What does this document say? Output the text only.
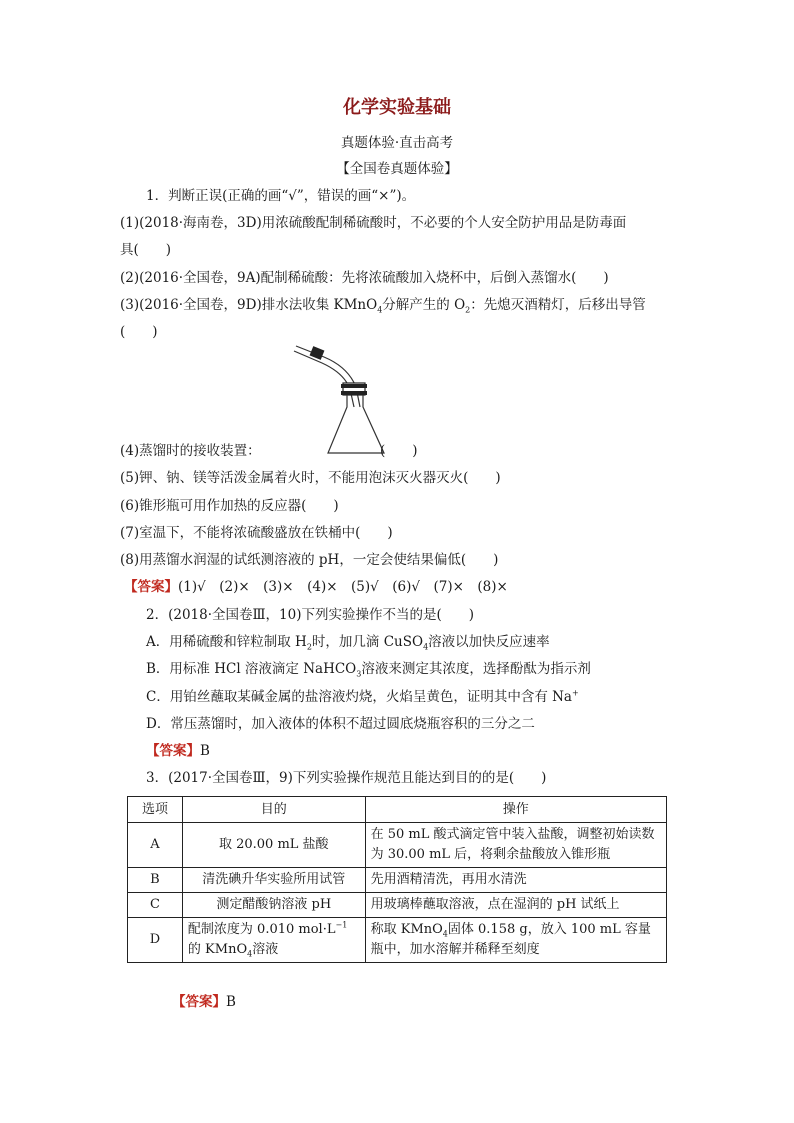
化学实验基础
真题体验·直击高考
【全国卷真题体验】
1．判断正误(正确的画“√”，错误的画“×”)。
(1)(2018·海南卷，3D)用浓硫酸配制稀硫酸时，不必要的个人安全防护用品是防毒面
具(　　)
(2)(2016·全国卷，9A)配制稀硫酸：先将浓硫酸加入烧杯中，后倒入蒸馏水(　　)
(3)(2016·全国卷，9D)排水法收集 KMnO$_4$分解产生的 $O_2$：先熄灭酒精灯，后移出导管
(　　)
(4)蒸馏时的接收装置：	(　　)
(5)钾、钠、镁等活泼金属着火时，不能用泡沫灭火器灭火(　　)
(6)锥形瓶可用作加热的反应器(　　)
(7)室温下，不能将浓硫酸盛放在铁桶中(　　)
(8)用蒸馏水润湿的试纸测溶液的 pH，一定会使结果偏低(　　)
【答案】(1)√　(2)×　(3)×　(4)×　(5)√　(6)√　(7)×　(8)×
2．(2018·全国卷Ⅲ，10)下列实验操作不当的是(　　)
A．用稀硫酸和锌粒制取 $H_2$时，加几滴 CuSO$_4$溶液以加快反应速率
B．用标准 HCl 溶液滴定 NaHCO$_3$溶液来测定其浓度，选择酚酞为指示剂
C．用铂丝蘸取某碱金属的盐溶液灼烧，火焰呈黄色，证明其中含有 Na+
D．常压蒸馏时，加入液体的体积不超过圆底烧瓶容积的三分之二
【答案】B
3．(2017·全国卷Ⅲ，9)下列实验操作规范且能达到目的的是(　　)
选项	目的	操作
A	取 20.00 mL 盐酸	在 50 mL 酸式滴定管中装入盐酸，调整初始读数为 30.00 mL 后，将剩余盐酸放入锥形瓶
B	清洗碘升华实验所用试管	先用酒精清洗，再用水清洗
C	测定醋酸钠溶液 pH	用玻璃棒蘸取溶液，点在湿润的 pH 试纸上
D	配制浓度为 0.010 $mol\cdot L^{-1}$的 KMnO$_4$溶液	称取 KMnO$_4$固体 0.158 g，放入 100 mL 容量瓶中，加水溶解并稀释至刻度
【答案】B
